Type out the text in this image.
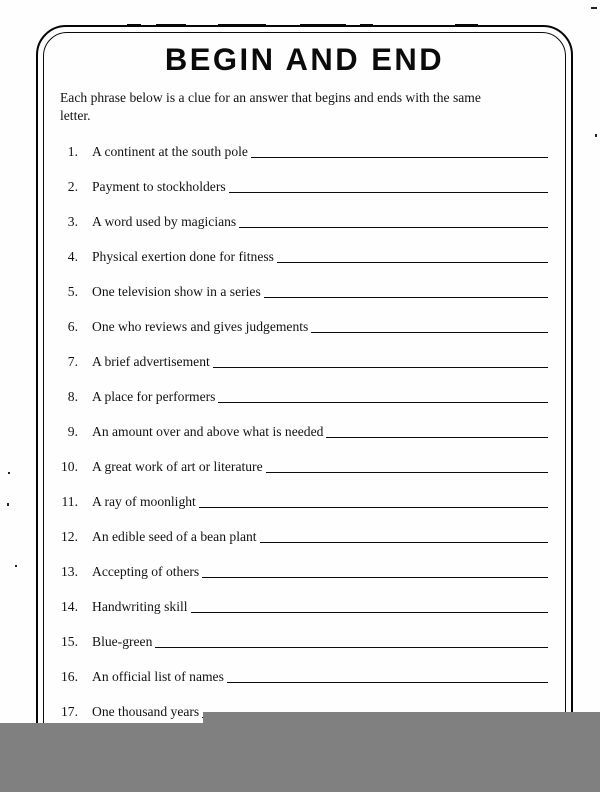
BEGIN AND END
Each phrase below is a clue for an answer that begins and ends with the same
letter.
1. A continent at the south pole
2. Payment to stockholders
3. A word used by magicians
4. Physical exertion done for fitness
5. One television show in a series
6. One who reviews and gives judgements
7. A brief advertisement
8. A place for performers
9. An amount over and above what is needed
10. A great work of art or literature
11. A ray of moonlight
12. An edible seed of a bean plant
13. Accepting of others
14. Handwriting skill
15. Blue-green
16. An official list of names
17. One thousand years
